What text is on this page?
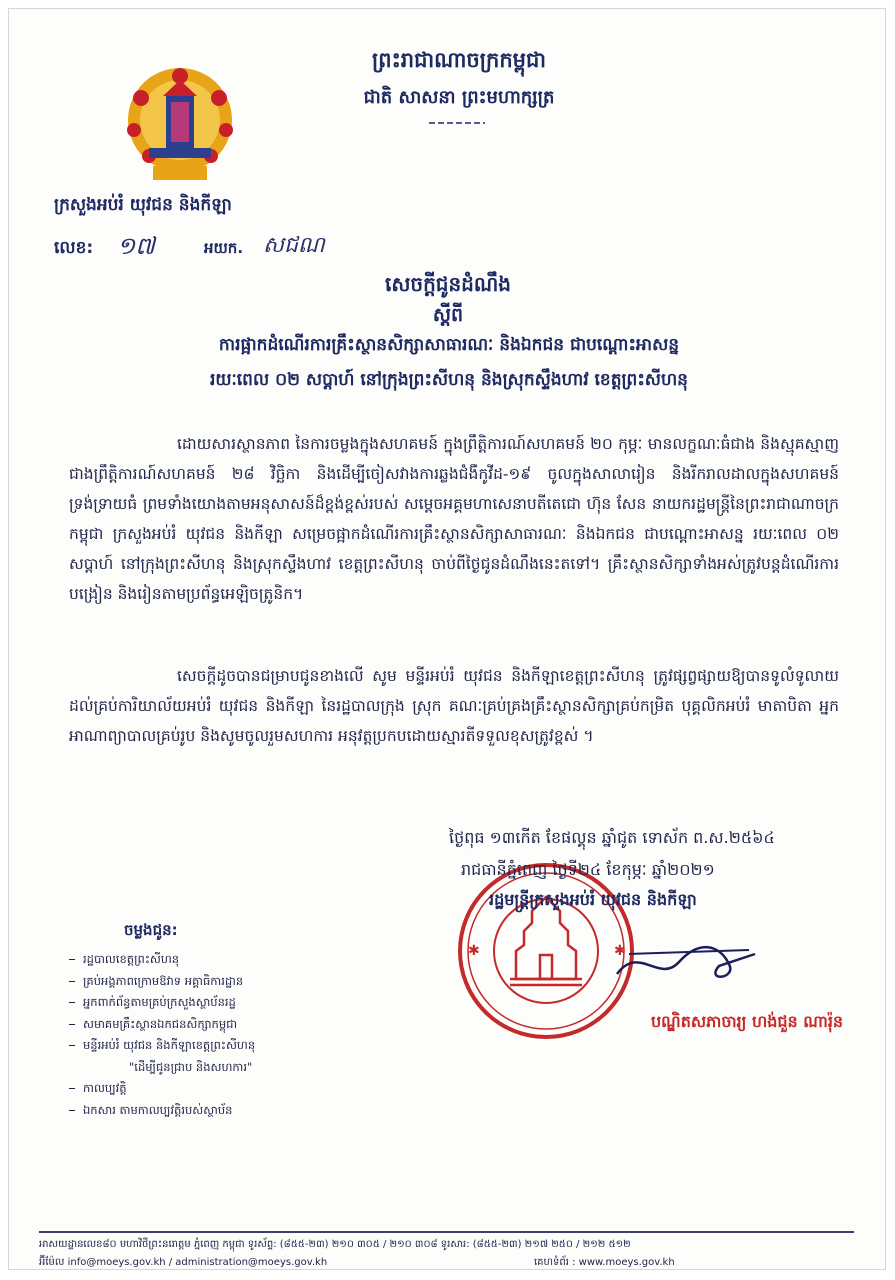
ព្រះរាជាណាចក្រកម្ពុជា
ជាតិ សាសនា ព្រះមហាក្សត្រ
ក្រសួងអប់រំ យុវជន និងកីឡា
លេខ: ១៧	អយក. សជណ
សេចក្តីជូនដំណឹង
ស្តីពី
ការផ្អាកដំណើរការគ្រឹះស្ថានសិក្សាសាធារណៈ និងឯកជន ជាបណ្តោះអាសន្ន
រយៈពេល ០២ សប្តាហ៍ នៅក្រុងព្រះសីហនុ និងស្រុកស្ទឹងហាវ ខេត្តព្រះសីហនុ
ដោយសារស្ថានភាព នៃការចម្លងក្នុងសហគមន៍ ក្នុងព្រឹត្តិការណ៍សហគមន៍ ២០ កុម្ភៈ មានលក្ខណៈធំជាង និងស្មុគស្មាញជាងព្រឹត្តិការណ៍សហគមន៍ ២៨ វិច្ឆិកា និងដើម្បីចៀសវាងការឆ្លងជំងឺកូវីដ-១៩ ចូលក្នុងសាលារៀន និងរីករាលដាលក្នុងសហគមន៍ទ្រង់ទ្រាយធំ ព្រមទាំងយោងតាមអនុសាសន៍ដ៏ខ្ពង់ខ្ពស់របស់ សម្តេចអគ្គមហាសេនាបតីតេជោ ហ៊ុន សែន នាយករដ្ឋមន្ត្រីនៃព្រះរាជាណាចក្រកម្ពុជា ក្រសួងអប់រំ យុវជន និងកីឡា សម្រេចផ្អាកដំណើរការគ្រឹះស្ថានសិក្សាសាធារណៈ និងឯកជន ជាបណ្តោះអាសន្ន រយៈពេល ០២ សប្តាហ៍ នៅក្រុងព្រះសីហនុ និងស្រុកស្ទឹងហាវ ខេត្តព្រះសីហនុ ចាប់ពីថ្ងៃជូនដំណឹងនេះតទៅ។ គ្រឹះស្ថានសិក្សាទាំងអស់ត្រូវបន្តដំណើរការបង្រៀន និងរៀនតាមប្រព័ន្ធអេឡិចត្រូនិក។
សេចក្តីដូចបានជម្រាបជូនខាងលើ សូម មន្ទីរអប់រំ យុវជន និងកីឡាខេត្តព្រះសីហនុ ត្រូវផ្សព្វផ្សាយឱ្យបានទូលំទូលាយដល់គ្រប់ការិយាល័យអប់រំ យុវជន និងកីឡា នៃរដ្ឋបាលក្រុង ស្រុក គណៈគ្រប់គ្រងគ្រឹះស្ថានសិក្សាគ្រប់កម្រិត បុគ្គលិកអប់រំ មាតាបិតា អ្នកអាណាព្យាបាលគ្រប់រូប និងសូមចូលរួមសហការ អនុវត្តប្រកបដោយស្មារតីទទួលខុសត្រូវខ្ពស់ ។
✱	✱
ថ្ងៃពុធ ១៣កើត ខែផល្គុន ឆ្នាំជូត ទោស័ក ព.ស.២៥៦៤
រាជធានីភ្នំពេញ ថ្ងៃទី២៤ ខែកុម្ភៈ ឆ្នាំ២០២១
រដ្ឋមន្ត្រីក្រសួងអប់រំ យុវជន និងកីឡា
បណ្ឌិតសភាចារ្យ ហង់ជួន ណារ៉ុន
ចម្លងជូន:
រដ្ឋបាលខេត្តព្រះសីហនុ
គ្រប់អង្គភាពក្រោមឱវាទ អគ្គាធិការដ្ឋាន
អ្នកពាក់ព័ន្ធតាមគ្រប់ក្រសួងស្ថាប័នរដ្ឋ
សមាគមគ្រឹះស្ថានឯកជនសិក្សាកម្ពុជា
មន្ទីរអប់រំ យុវជន និងកីឡាខេត្តព្រះសីហនុ
"ដើម្បីជូនជ្រាប និងសហការ"
កាលប្បវត្តិ
ឯកសារ តាមកាលប្បវត្តិរបស់ស្ថាប័ន
អាសយដ្ឋានលេខ៨០ មហាវិថីព្រះនរោត្តម ភ្នំពេញ កម្ពុជា ទូរស័ព្ទ: (៨៥៥-២៣) ២១០ ៣០៥ / ២១០ ៣០៨ ទូរសារ: (៨៥៥-២៣) ២១៧ ២៥០ / ២១២ ៥១២
អ៊ីម៉ែល info@moeys.gov.kh / administration@moeys.gov.kh	គេហទំព័រ : www.moeys.gov.kh
